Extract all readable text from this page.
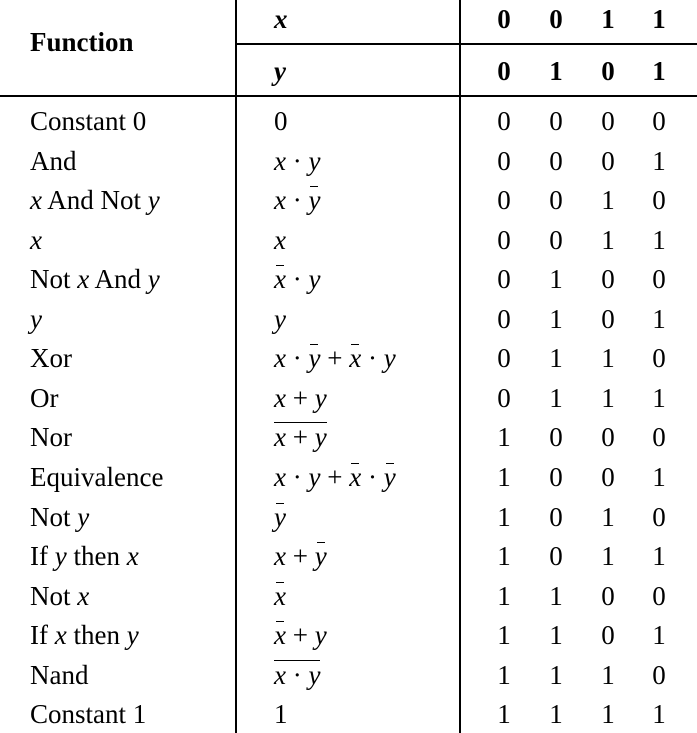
Function
x
y
0 0 1 1
0 1 0 1
Constant 0
And
x And Not y
x
Not x And y
y
Xor
Or
Nor
Equivalence
Not y
If y then x
Not x
If x then y
Nand
Constant 1
0
x · y
x · y
x
x · y
y
x · y + x · y
x + y
x + y
x · y + x · y
y
x + y
x
x + y
x · y
1
0 0 0 0
0 0 0 1
0 0 1 0
0 0 1 1
0 1 0 0
0 1 0 1
0 1 1 0
0 1 1 1
1 0 0 0
1 0 0 1
1 0 1 0
1 0 1 1
1 1 0 0
1 1 0 1
1 1 1 0
1 1 1 1
